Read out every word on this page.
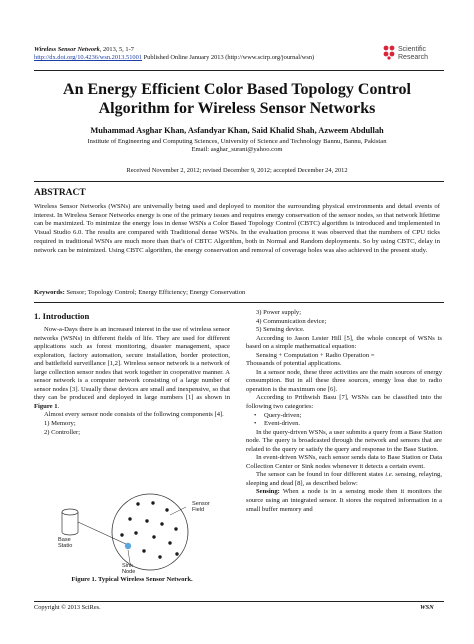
Wireless Sensor Network, 2013, 5, 1-7
http://dx.doi.org/10.4236/wsn.2013.51001 Published Online January 2013 (http://www.scirp.org/journal/wsn)
Scientific
Research
An Energy Efficient Color Based Topology Control
Algorithm for Wireless Sensor Networks
Muhammad Asghar Khan, Asfandyar Khan, Said Khalid Shah, Azweem Abdullah
Institute of Engineering and Computing Sciences, University of Science and Technology Bannu, Bannu, Pakistan
Email: asghar_surani@yahoo.com
Received November 2, 2012; revised December 9, 2012; accepted December 24, 2012
ABSTRACT
Wireless Sensor Networks (WSNs) are universally being used and deployed to monitor the surrounding physical environments and detail events of interest. In Wireless Sensor Networks energy is one of the primary issues and requires energy conservation of the sensor nodes, so that network lifetime can be maximized. To minimize the energy loss in dense WSNs a Color Based Topology Control (CBTC) algorithm is introduced and implemented in Visual Studio 6.0. The results are compared with Traditional dense WSNs. In the evaluation process it was observed that the numbers of CPU ticks required in traditional WSNs are much more than that’s of CBTC Algorithm, both in Normal and Random deployments. So by using CBTC, delay in network can be minimized. Using CBTC algorithm, the energy conservation and removal of coverage holes was also achieved in the present study.
Keywords: Sensor; Topology Control; Energy Efficiency; Energy Conservation
1. Introduction

Now-a-Days there is an increased interest in the use of wireless sensor networks (WSNs) in different fields of life. They are used for different applications such as forest monitoring, disaster management, space exploration, factory automation, secure installation, border protection, and battlefield surveillance [1,2]. Wireless sensor network is a network of large collection sensor nodes that work together in cooperative manner. A sensor network is a computer network consisting of a large number of sensor nodes [3]. Usually these devices are small and inexpensive, so that they can be produced and deployed in large numbers [1] as shown in Figure 1.

Almost every sensor node consists of the following components [4].

1) Memory;

2) Controller;

Base
Statio
Sensor
Field
Sink
Node
Figure 1. Typical Wireless Sensor Network.

3) Power supply;

4) Communication device;

5) Sensing device.

According to Jason Lester Hill [5], the whole concept of WSNs is based on a simple mathematical equation:

Sensing + Computation + Radio Operation =

Thousands of potential applications.

In a sensor node, these three activities are the main sources of energy consumption. But in all these three sources, energy loss due to radio operation is the maximum one [6].

According to Prithwish Basu [7], WSNs can be classified into the following two categories:

•	Query-driven;
•	Event-driven.

In the query-driven WSNs, a user submits a query from a Base Station node. The query is broadcasted through the network and sensors that are related to the query or satisfy the query and response to the Base Station.

In event-driven WSNs, each sensor sends data to Base Station or Data Collection Center or Sink nodes whenever it detects a certain event.

The sensor can be found in four different states i.e. sensing, relaying, sleeping and dead [8], as described below:

Sensing: When a node is in a sensing mode then it monitors the source using an integrated sensor. It stores the required information in a small buffer memory and

Copyright © 2013 SciRes.	WSN
